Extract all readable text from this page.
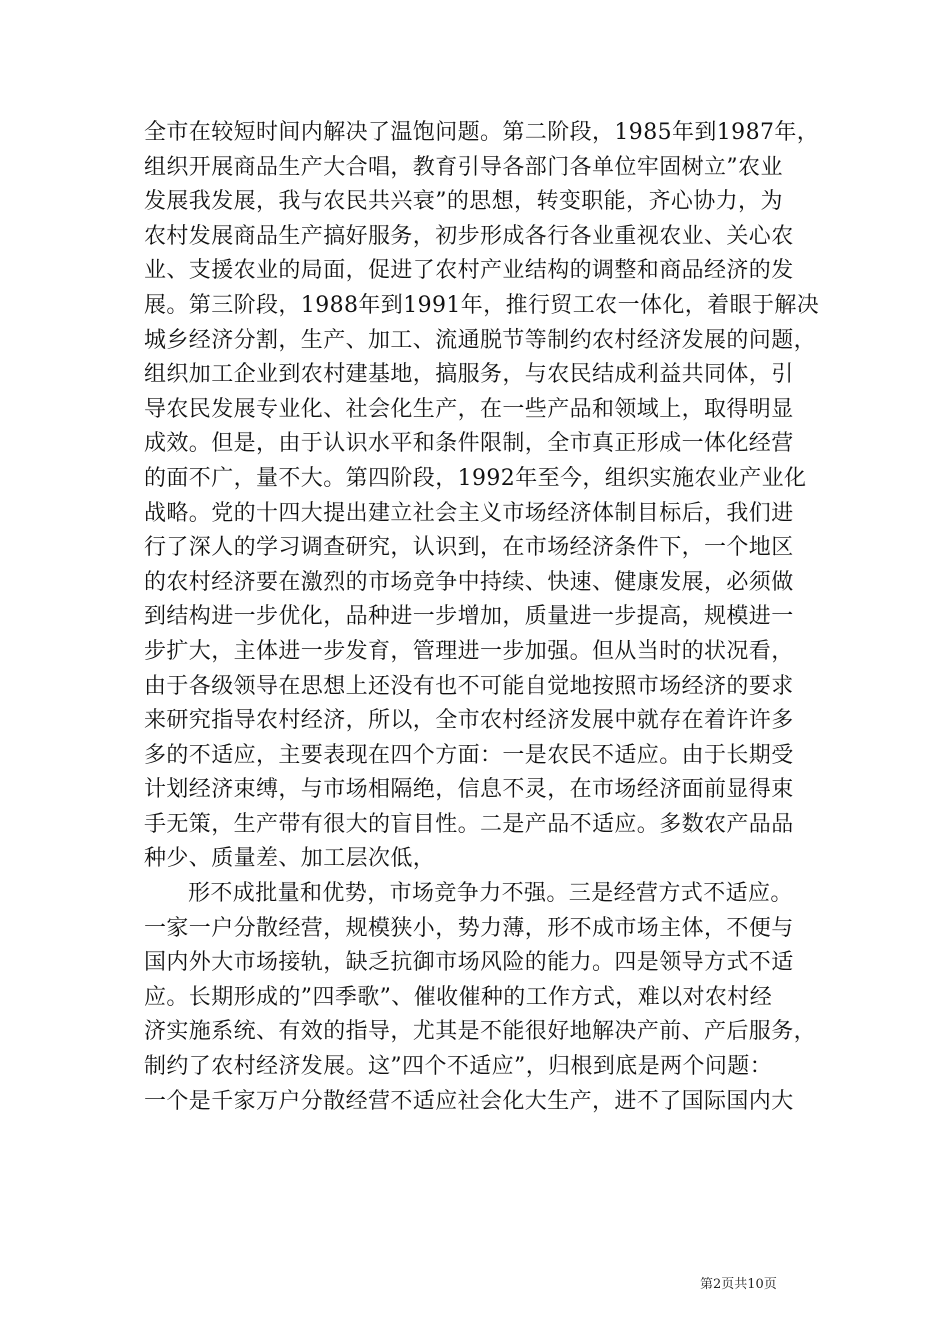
全市在较短时间内解决了温饱问题。第二阶段，1985年到1987年，
组织开展商品生产大合唱，教育引导各部门各单位牢固树立”农业
发展我发展，我与农民共兴衰”的思想，转变职能，齐心协力，为
农村发展商品生产搞好服务，初步形成各行各业重视农业、关心农
业、支援农业的局面，促进了农村产业结构的调整和商品经济的发
展。第三阶段，1988年到1991年，推行贸工农一体化，着眼于解决
城乡经济分割，生产、加工、流通脱节等制约农村经济发展的问题，
组织加工企业到农村建基地，搞服务，与农民结成利益共同体，引
导农民发展专业化、社会化生产，在一些产品和领域上，取得明显
成效。但是，由于认识水平和条件限制，全市真正形成一体化经营
的面不广，量不大。第四阶段，1992年至今，组织实施农业产业化
战略。党的十四大提出建立社会主义市场经济体制目标后，我们进
行了深人的学习调查研究，认识到，在市场经济条件下，一个地区
的农村经济要在激烈的市场竞争中持续、快速、健康发展，必须做
到结构进一步优化，品种进一步增加，质量进一步提高，规模进一
步扩大，主体进一步发育，管理进一步加强。但从当时的状况看，
由于各级领导在思想上还没有也不可能自觉地按照市场经济的要求
来研究指导农村经济，所以，全市农村经济发展中就存在着许许多
多的不适应，主要表现在四个方面：一是农民不适应。由于长期受
计划经济束缚，与市场相隔绝，信息不灵，在市场经济面前显得束
手无策，生产带有很大的盲目性。二是产品不适应。多数农产品品
种少、质量差、加工层次低，
形不成批量和优势，市场竞争力不强。三是经营方式不适应。
一家一户分散经营，规模狭小，势力薄，形不成市场主体，不便与
国内外大市场接轨，缺乏抗御市场风险的能力。四是领导方式不适
应。长期形成的”四季歌”、催收催种的工作方式，难以对农村经
济实施系统、有效的指导，尤其是不能很好地解决产前、产后服务，
制约了农村经济发展。这”四个不适应”，归根到底是两个问题：
一个是千家万户分散经营不适应社会化大生产，进不了国际国内大
第2页共10页
